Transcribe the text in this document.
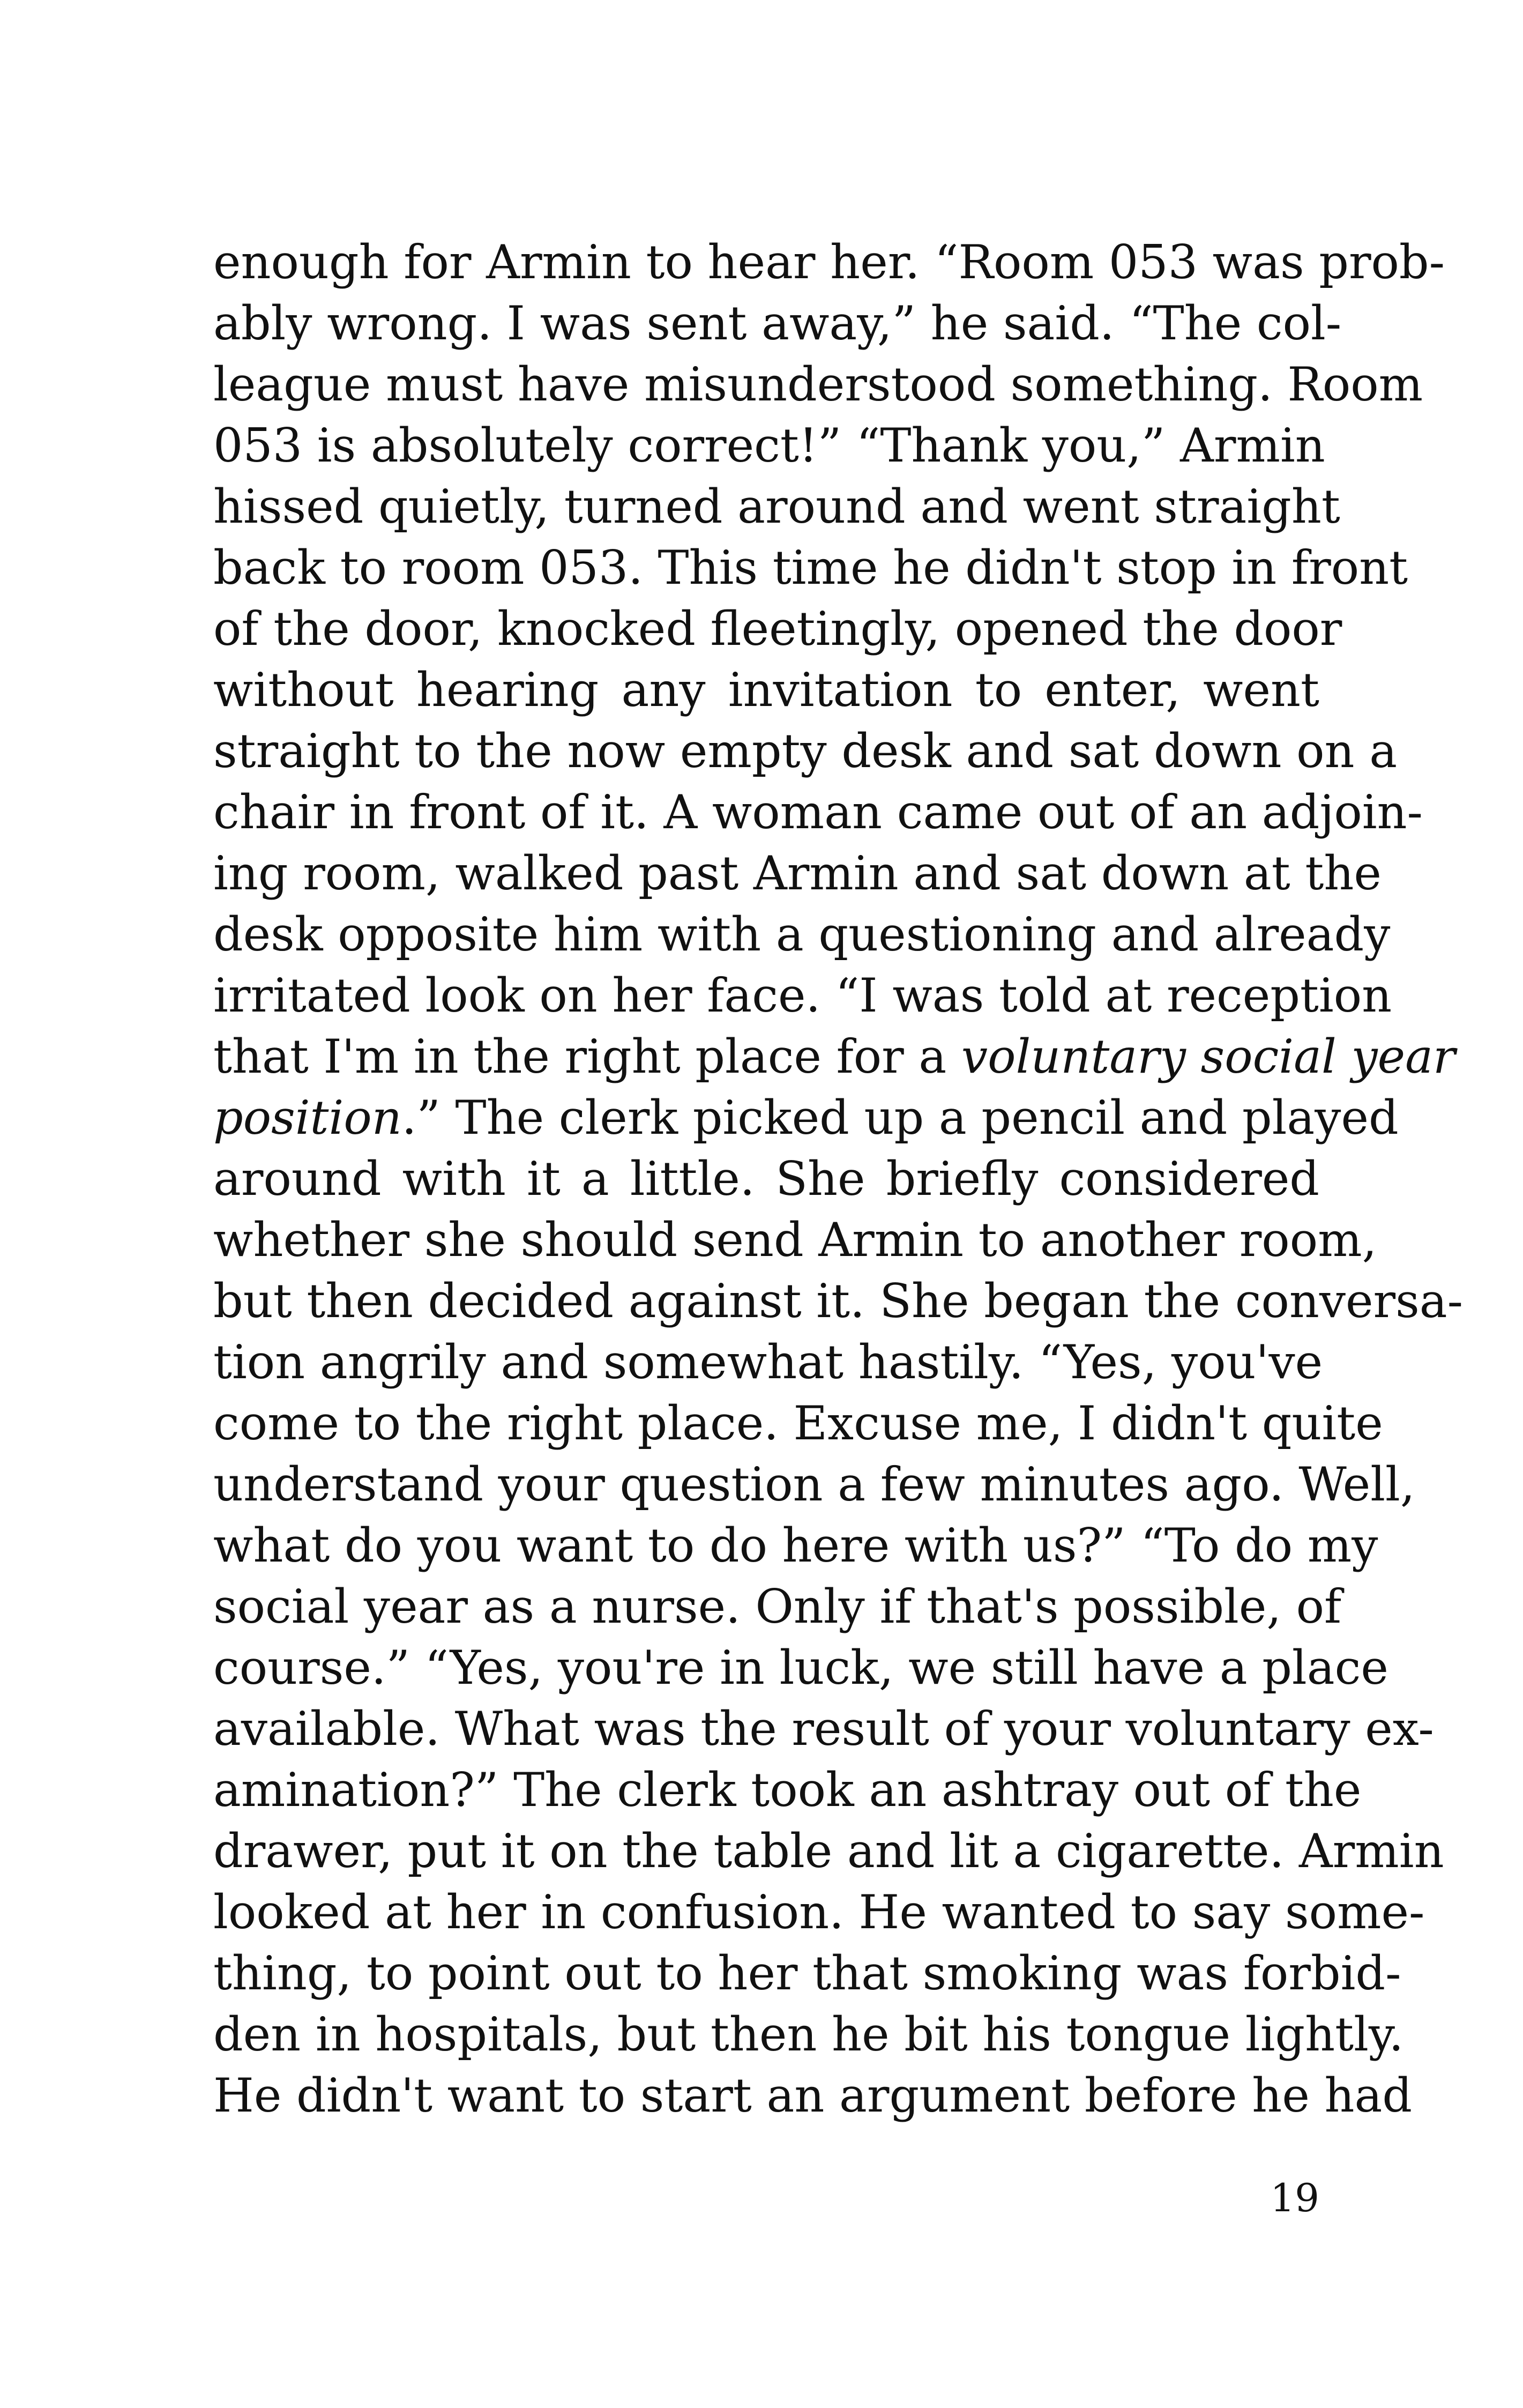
enough for Armin to hear her. “Room 053 was prob-
ably wrong. I was sent away,” he said. “The col-
league must have misunderstood something. Room
053 is absolutely correct!” “Thank you,” Armin
hissed quietly, turned around and went straight
back to room 053. This time he didn't stop in front
of the door, knocked fleetingly, opened the door
without hearing any invitation to enter, went
straight to the now empty desk and sat down on a
chair in front of it. A woman came out of an adjoin-
ing room, walked past Armin and sat down at the
desk opposite him with a questioning and already
irritated look on her face. “I was told at reception
that I'm in the right place for a voluntary social year
position.” The clerk picked up a pencil and played
around with it a little. She briefly considered
whether she should send Armin to another room,
but then decided against it. She began the conversa-
tion angrily and somewhat hastily. “Yes, you've
come to the right place. Excuse me, I didn't quite
understand your question a few minutes ago. Well,
what do you want to do here with us?” “To do my
social year as a nurse. Only if that's possible, of
course.” “Yes, you're in luck, we still have a place
available. What was the result of your voluntary ex-
amination?” The clerk took an ashtray out of the
drawer, put it on the table and lit a cigarette. Armin
looked at her in confusion. He wanted to say some-
thing, to point out to her that smoking was forbid-
den in hospitals, but then he bit his tongue lightly.
He didn't want to start an argument before he had
19
